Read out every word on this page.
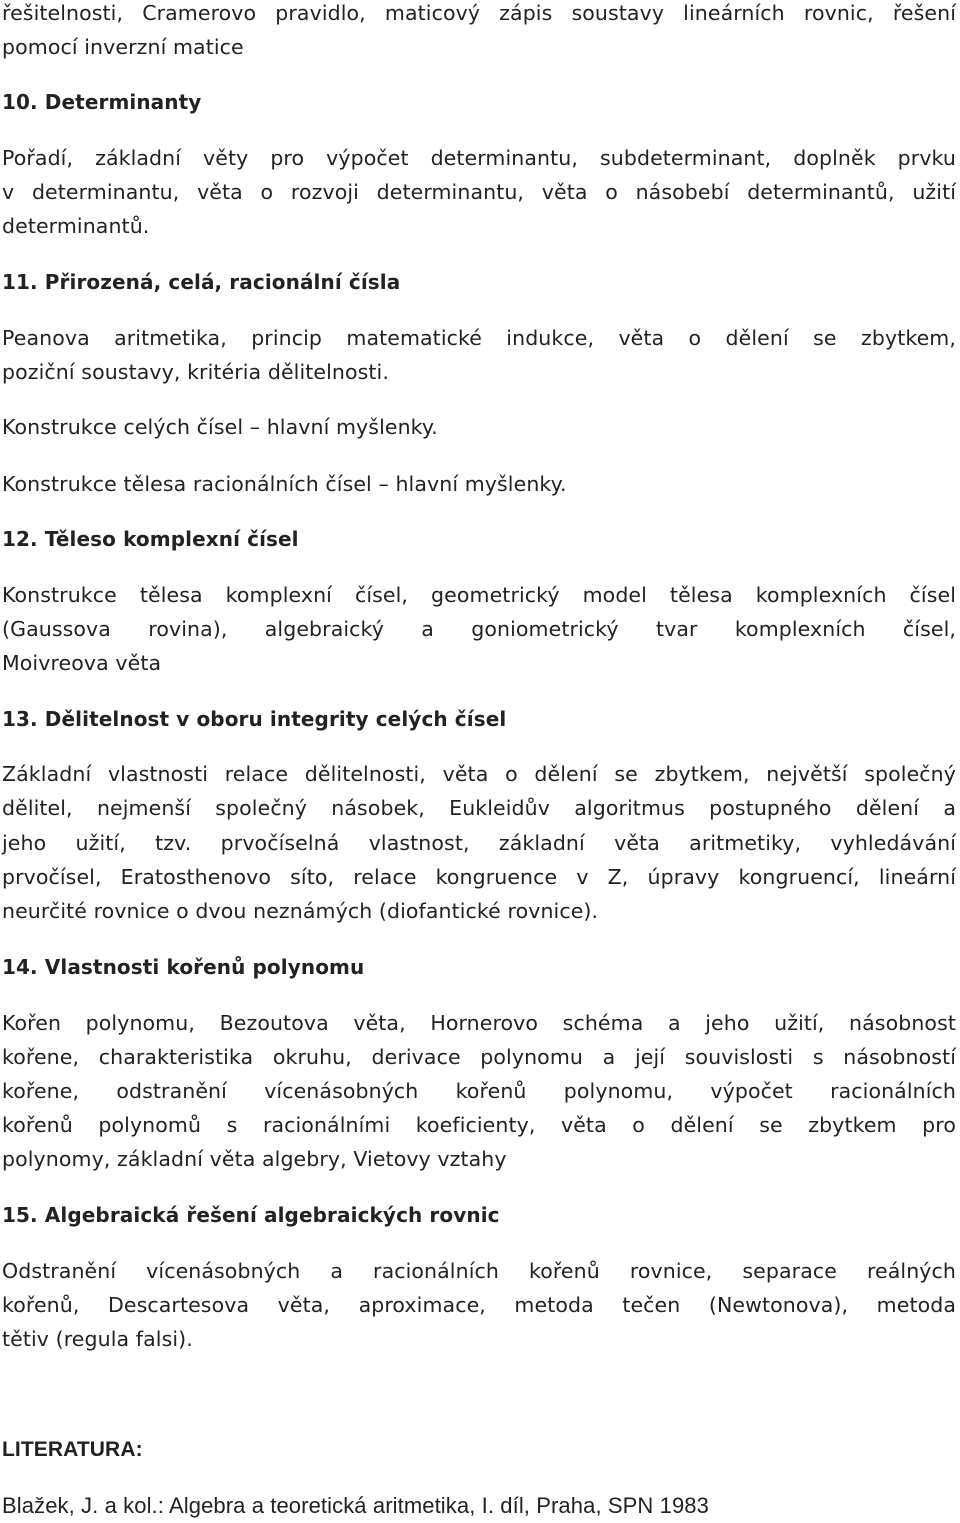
řešitelnosti, Cramerovo pravidlo, maticový zápis soustavy lineárních rovnic, řešení
pomocí inverzní matice
10. Determinanty
Pořadí, základní věty pro výpočet determinantu, subdeterminant, doplněk prvku
v determinantu, věta o rozvoji determinantu, věta o násobebí determinantů, užití
determinantů.
11. Přirozená, celá, racionální čísla
Peanova aritmetika, princip matematické indukce, věta o dělení se zbytkem,
poziční soustavy, kritéria dělitelnosti.
Konstrukce celých čísel – hlavní myšlenky.
Konstrukce tělesa racionálních čísel – hlavní myšlenky.
12. Těleso komplexní čísel
Konstrukce tělesa komplexní čísel, geometrický model tělesa komplexních čísel
(Gaussova rovina), algebraický a goniometrický tvar komplexních čísel,
Moivreova věta
13. Dělitelnost v oboru integrity celých čísel
Základní vlastnosti relace dělitelnosti, věta o dělení se zbytkem, největší společný
dělitel, nejmenší společný násobek, Eukleidův algoritmus postupného dělení a
jeho užití, tzv. prvočíselná vlastnost, základní věta aritmetiky, vyhledávání
prvočísel, Eratosthenovo síto, relace kongruence v Z, úpravy kongruencí, lineární
neurčité rovnice o dvou neznámých (diofantické rovnice).
14. Vlastnosti kořenů polynomu
Kořen polynomu, Bezoutova věta, Hornerovo schéma a jeho užití, násobnost
kořene, charakteristika okruhu, derivace polynomu a její souvislosti s násobností
kořene, odstranění vícenásobných kořenů polynomu, výpočet racionálních
kořenů polynomů s racionálními koeficienty, věta o dělení se zbytkem pro
polynomy, základní věta algebry, Vietovy vztahy
15. Algebraická řešení algebraických rovnic
Odstranění vícenásobných a racionálních kořenů rovnice, separace reálných
kořenů, Descartesova věta, aproximace, metoda tečen (Newtonova), metoda
tětiv (regula falsi).
LITERATURA:
Blažek, J. a kol.: Algebra a teoretická aritmetika, I. díl, Praha, SPN 1983
